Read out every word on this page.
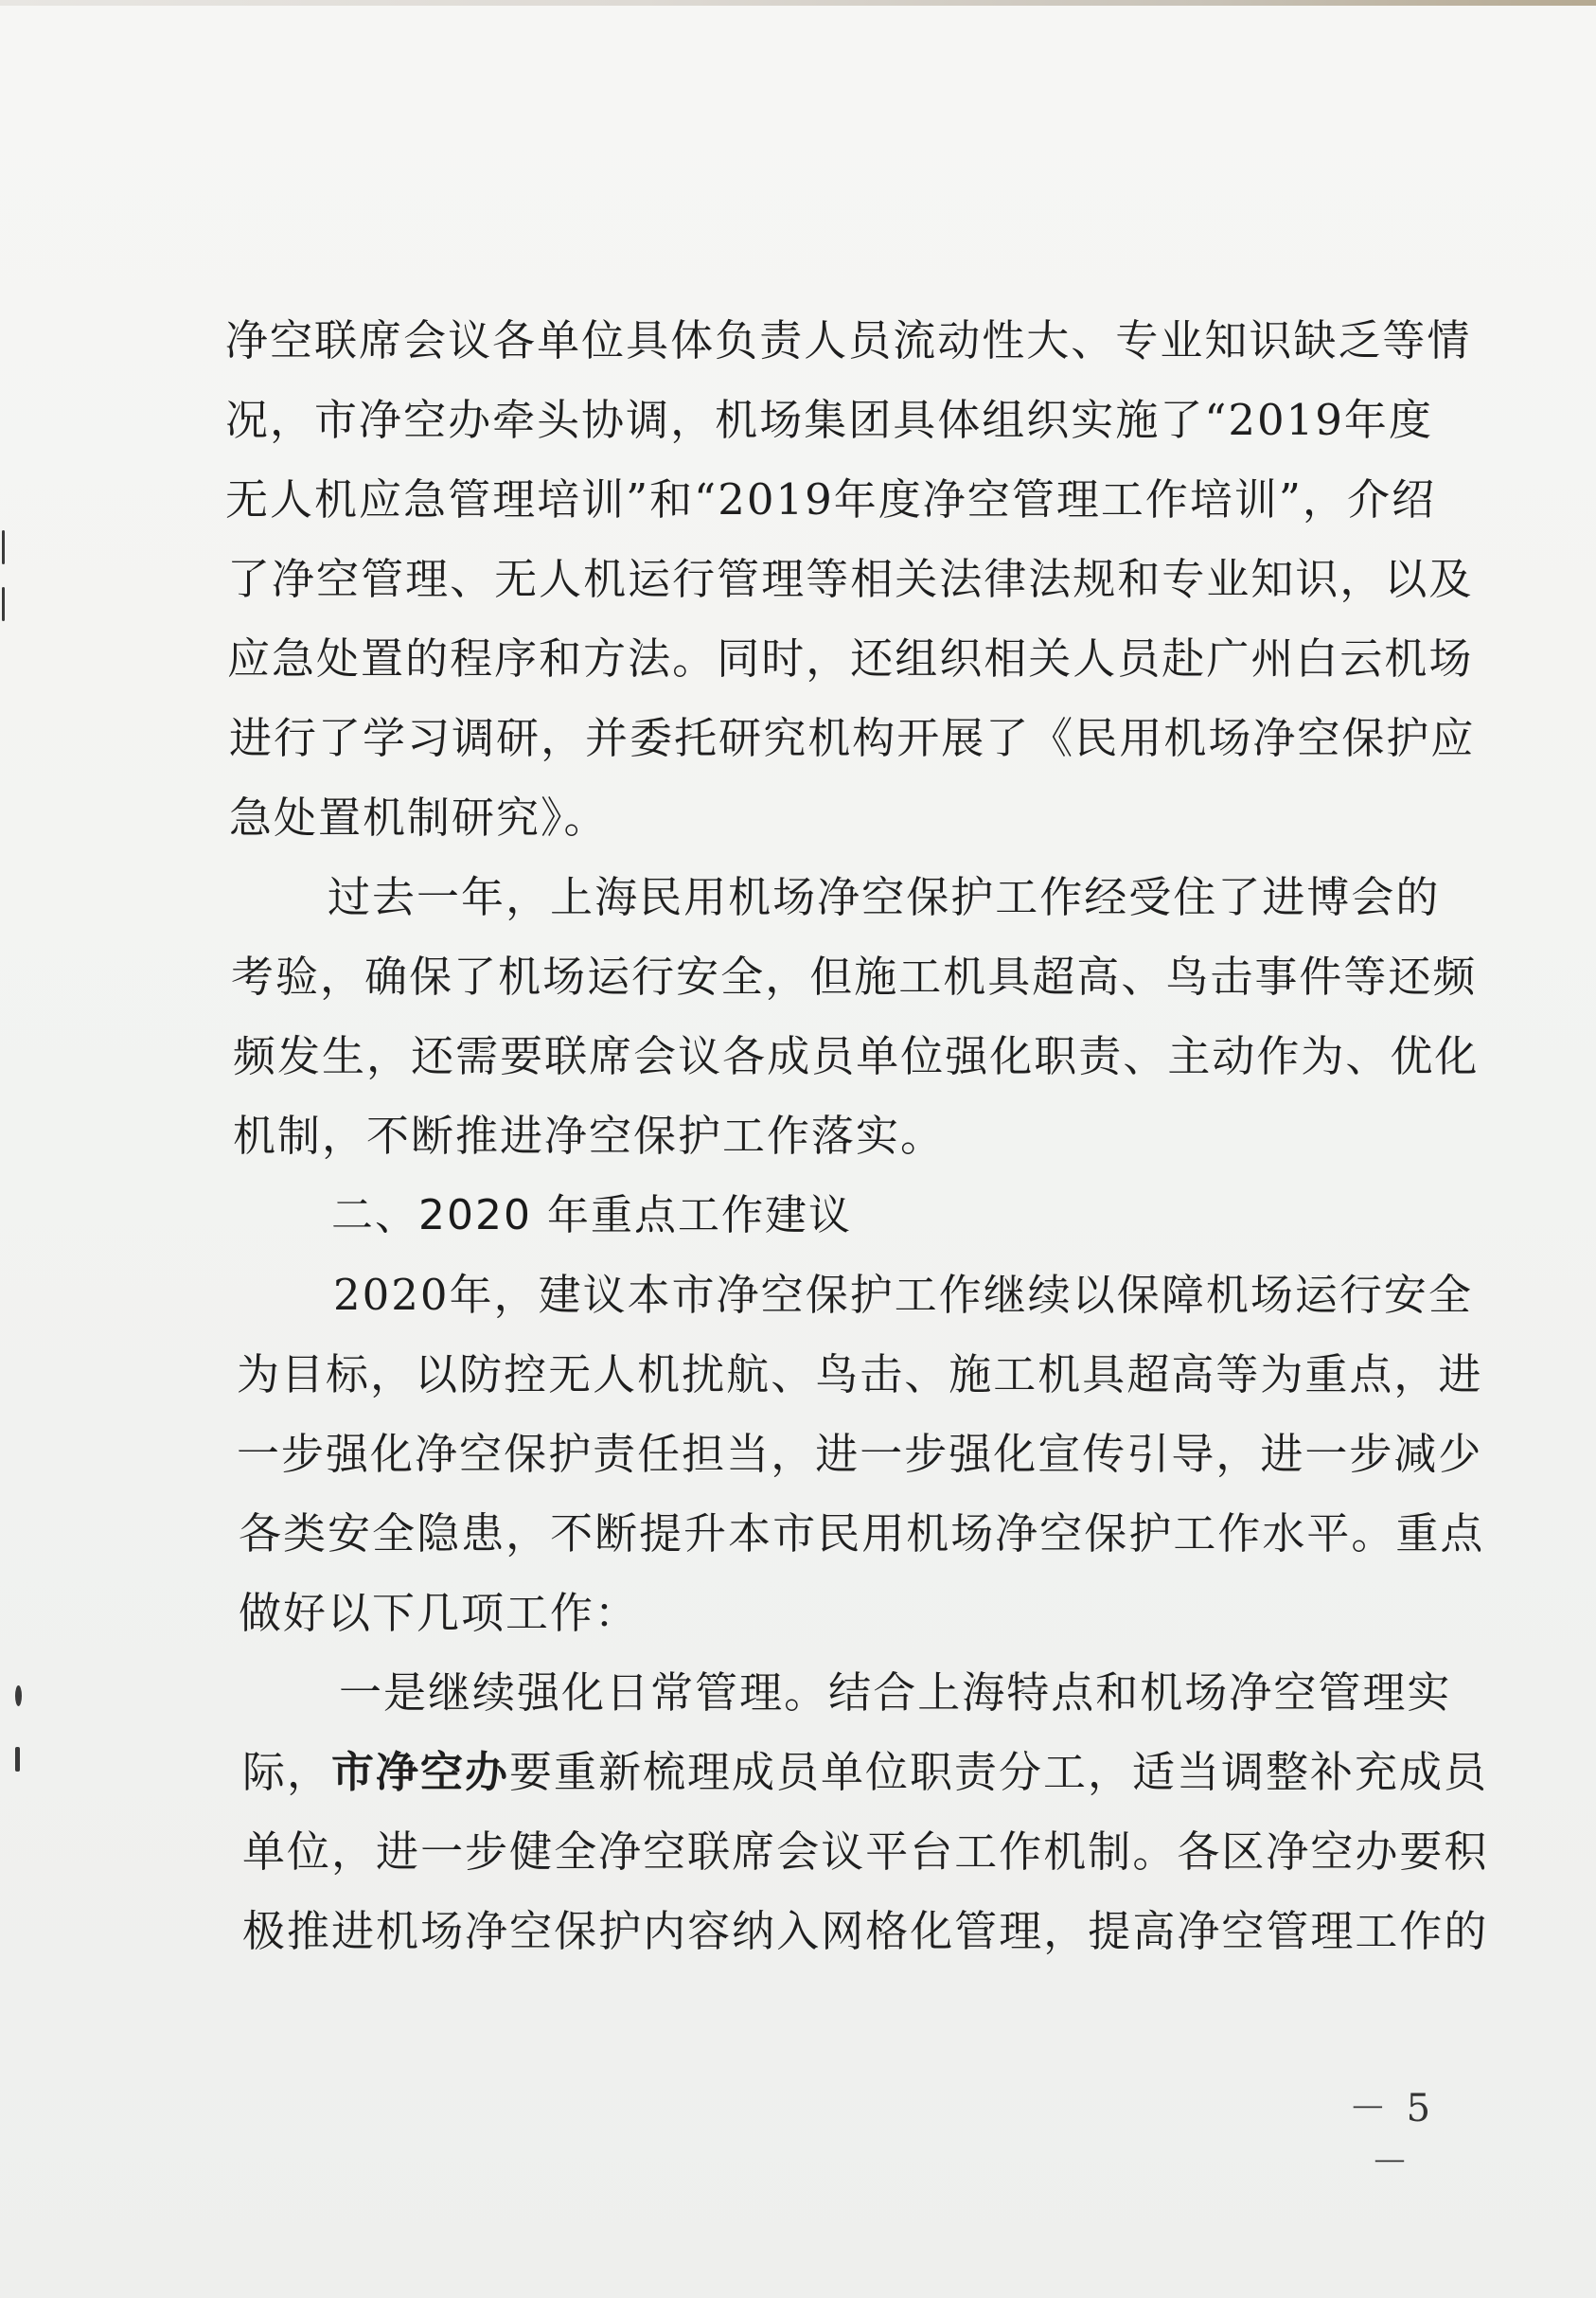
净 空 联 席 会 议 各 单 位 具 体 负 责 人 员 流 动 性 大 、 专 业 知 识 缺 乏 等 情
况 ， 市 净 空 办 牵 头 协 调 ， 机 场 集 团 具 体 组 织 实 施 了 “ 2 0 1 9 年 度
无 人 机 应 急 管 理 培 训 ” 和 “ 2 0 1 9 年 度 净 空 管 理 工 作 培 训 ” ， 介 绍
了 净 空 管 理 、 无 人 机 运 行 管 理 等 相 关 法 律 法 规 和 专 业 知 识 ， 以 及
应 急 处 置 的 程 序 和 方 法 。 同 时 ， 还 组 织 相 关 人 员 赴 广 州 白 云 机 场
进 行 了 学 习 调 研 ， 并 委 托 研 究 机 构 开 展 了 《 民 用 机 场 净 空 保 护 应
急处置机制研究》。
过 去 一 年 ， 上 海 民 用 机 场 净 空 保 护 工 作 经 受 住 了 进 博 会 的
考 验 ， 确 保 了 机 场 运 行 安 全 ， 但 施 工 机 具 超 高 、 鸟 击 事 件 等 还 频
频 发 生 ， 还 需 要 联 席 会 议 各 成 员 单 位 强 化 职 责 、 主 动 作 为 、 优 化
机制，不断推进净空保护工作落实。
二、2020 年重点工作建议
2 0 2 0 年 ， 建 议 本 市 净 空 保 护 工 作 继 续 以 保 障 机 场 运 行 安 全
为 目 标 ， 以 防 控 无 人 机 扰 航 、 鸟 击 、 施 工 机 具 超 高 等 为 重 点 ， 进
一 步 强 化 净 空 保 护 责 任 担 当 ， 进 一 步 强 化 宣 传 引 导 ， 进 一 步 减 少
各 类 安 全 隐 患 ， 不 断 提 升 本 市 民 用 机 场 净 空 保 护 工 作 水 平 。 重 点
做好以下几项工作：
一 是 继 续 强 化 日 常 管 理 。 结 合 上 海 特 点 和 机 场 净 空 管 理 实
际， 市净空办 要重新梳理成员单位职责分工，适当调整补充成员
单 位 ， 进 一 步 健 全 净 空 联 席 会 议 平 台 工 作 机 制 。 各 区 净 空 办 要 积
极 推 进 机 场 净 空 保 护 内 容 纳 入 网 格 化 管 理 ， 提 高 净 空 管 理 工 作 的
－ 5 －
